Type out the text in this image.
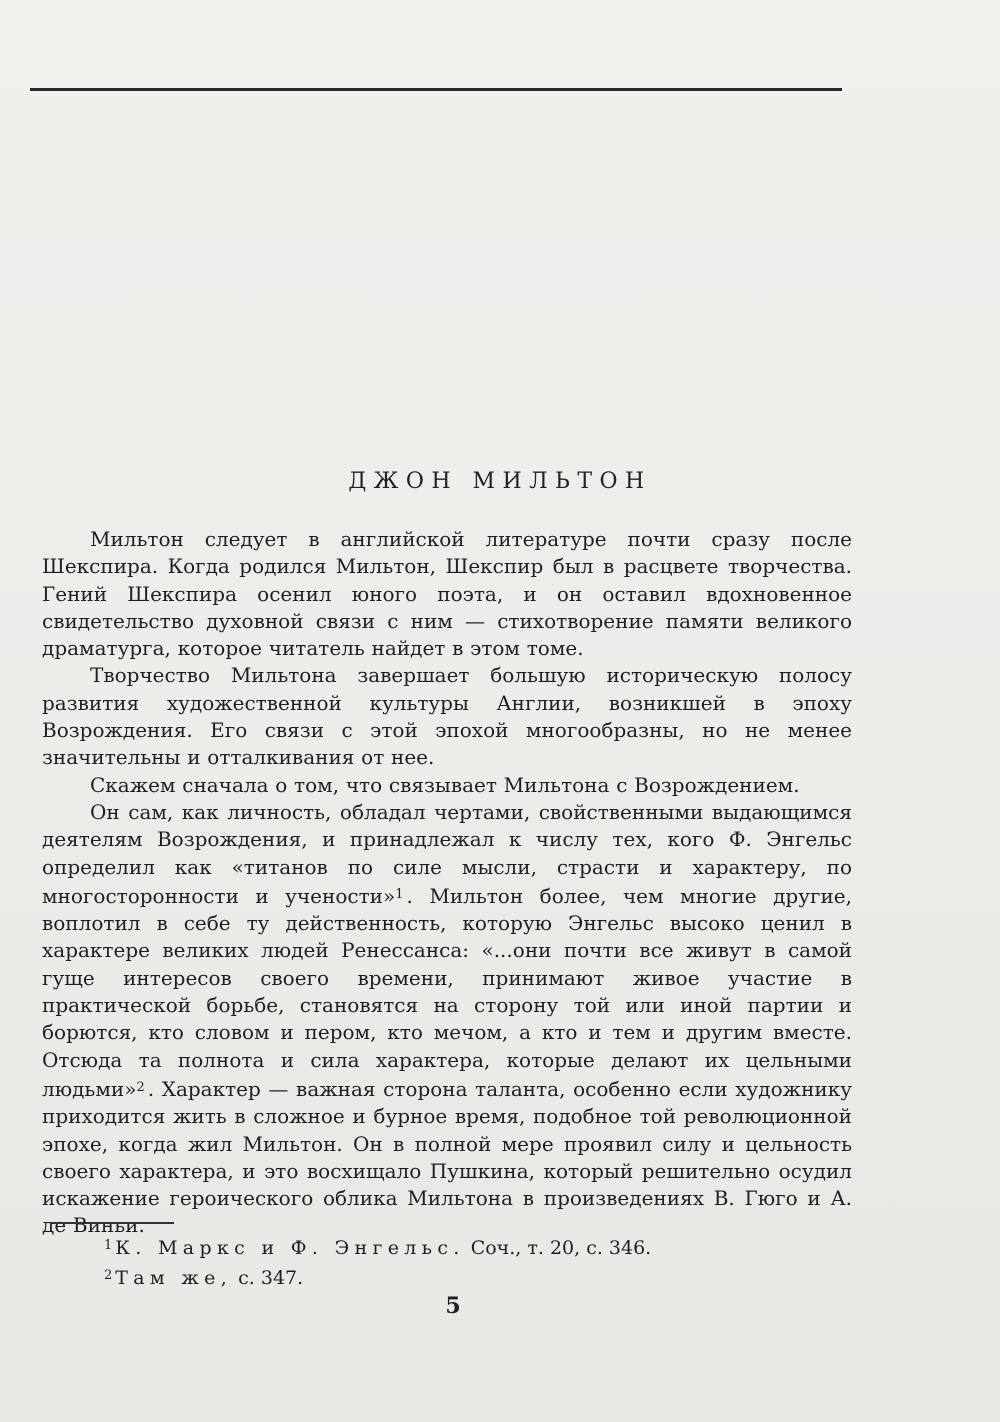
ДЖОН МИЛЬТОН

Мильтон следует в английской литературе почти сразу после Шекспира. Когда родился Мильтон, Шекспир был в расцвете творчества. Гений Шекспира осенил юного поэта, и он оставил вдохновенное свидетельство духовной связи с ним — стихотворение памяти великого драматурга, которое читатель найдет в этом томе.

Творчество Мильтона завершает большую историческую полосу развития художественной культуры Англии, возникшей в эпоху Возрождения. Его связи с этой эпохой многообразны, но не менее значительны и отталкивания от нее.

Скажем сначала о том, что связывает Мильтона с Возрождением.

Он сам, как личность, обладал чертами, свойственными выдающимся деятелям Возрождения, и принадлежал к числу тех, кого Ф. Энгельс определил как «титанов по силе мысли, страсти и характеру, по многосторонности и учености»$^1$ . Мильтон более, чем многие другие, воплотил в себе ту действенность, которую Энгельс высоко ценил в характере великих людей Ренессанса: «...они почти все живут в самой гуще интересов своего времени, принимают живое участие в практической борьбе, становятся на сторону той или иной партии и борются, кто словом и пером, кто мечом, а кто и тем и другим вместе. Отсюда та полнота и сила характера, которые делают их цельными людьми»$^2$ . Характер — важная сторона таланта, особенно если художнику приходится жить в сложное и бурное время, подобное той революционной эпохе, когда жил Мильтон. Он в полной мере проявил силу и цельность своего характера, и это восхищало Пушкина, который решительно осудил искажение героического облика Мильтона в произведениях В. Гюго и А. де Виньи.

$^1$ К. Маркс и Ф. Энгельс. Соч., т. 20, с. 346.
$^2$ Там же, с. 347.
5
